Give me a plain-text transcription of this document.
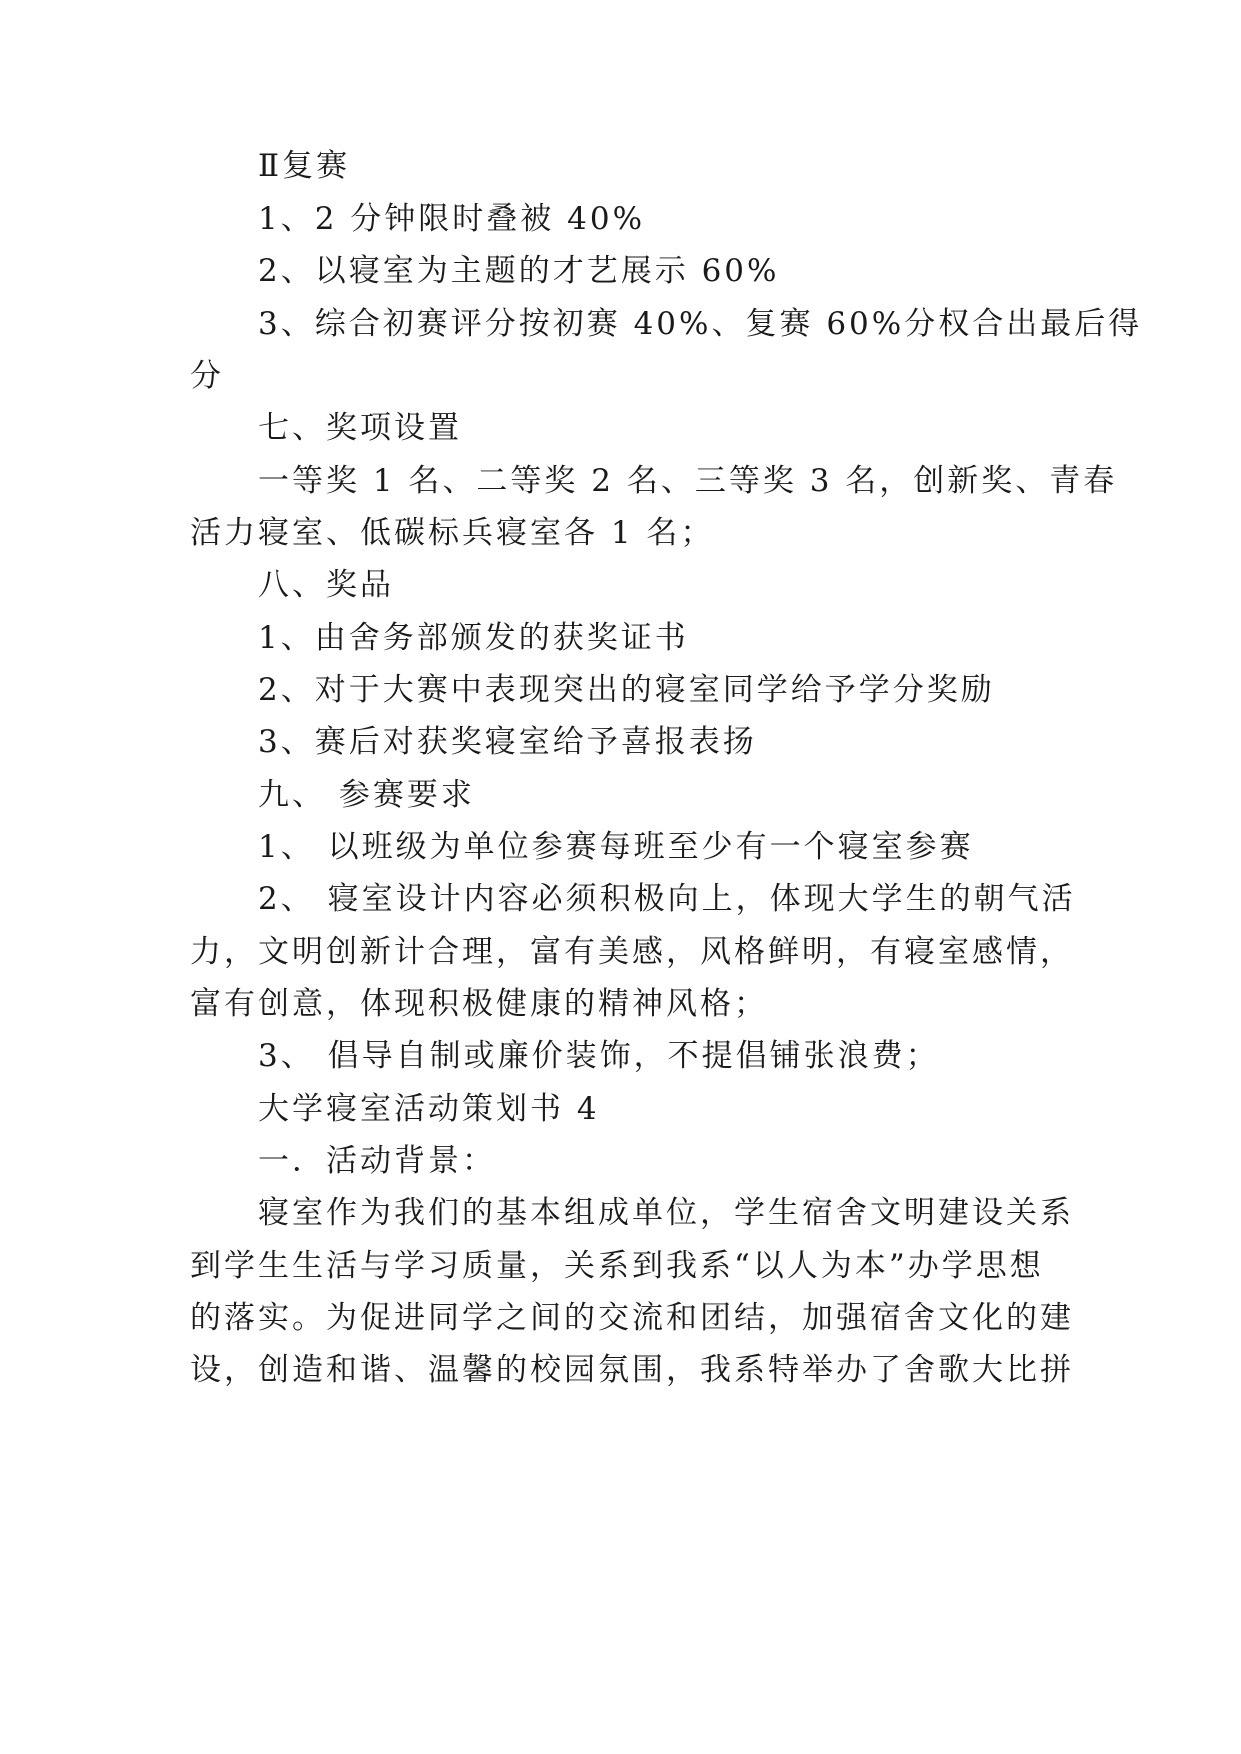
Ⅱ复赛
1、2 分钟限时叠被 40%
2、以寝室为主题的才艺展示 60%
3、综合初赛评分按初赛 40%、复赛 60%分权合出最后得
分
七、奖项设置
一等奖 1 名、二等奖 2 名、三等奖 3 名，创新奖、青春
活力寝室、低碳标兵寝室各 1 名；
八、奖品
1、由舍务部颁发的获奖证书
2、对于大赛中表现突出的寝室同学给予学分奖励
3、赛后对获奖寝室给予喜报表扬
九、 参赛要求
1、 以班级为单位参赛每班至少有一个寝室参赛
2、 寝室设计内容必须积极向上，体现大学生的朝气活
力，文明创新计合理，富有美感，风格鲜明，有寝室感情，
富有创意，体现积极健康的精神风格；
3、 倡导自制或廉价装饰，不提倡铺张浪费；
大学寝室活动策划书 4
一．活动背景：
寝室作为我们的基本组成单位，学生宿舍文明建设关系
到学生生活与学习质量，关系到我系“以人为本”办学思想
的落实。为促进同学之间的交流和团结，加强宿舍文化的建
设，创造和谐、温馨的校园氛围，我系特举办了舍歌大比拼
